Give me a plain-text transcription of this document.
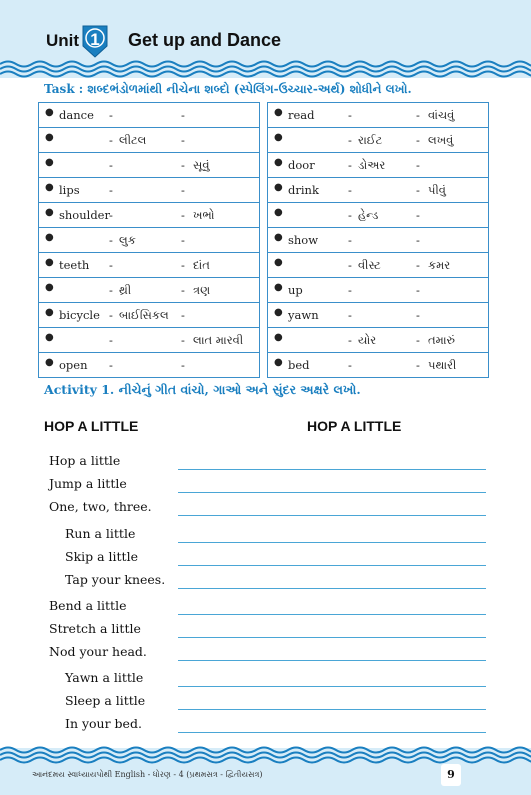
Unit 1	Get up and Dance
Task : શબ્દભંડોળમાંથી નીચેના શબ્દો (સ્પેલિંગ-ઉચ્ચાર-અર્થ) શોધીને લખો.
● dance -	-
●	- લીટલ	-
●	-	- સૂવું
● lips	-	-
● shoulder -	- ખભો
●	- લુક	-
● teeth -	- દાંત
●	- થ્રી	- ત્રણ
● bicycle - બાઈસિકલ -
●	-	- લાત મારવી
● open -	-
● read	-	- વાંચવું
●	- રાઈટ	- લખવું
● door	- ડોઅર	-
● drink	-	- પીવું
●	- હેન્ડ	-
● show	-	-
●	- વીસ્ટ	- કમર
● up	-	-
● yawn	-	-
●	- યોર	- તમારું
● bed	-	- પથારી
Activity 1. નીચેનું ગીત વાંચો, ગાઓ અને સુંદર અક્ષરે લખો.
HOP A LITTLE	HOP A LITTLE
Hop a little
Jump a little
One, two, three.
Run a little
Skip a little
Tap your knees.
Bend a little
Stretch a little
Nod your head.
Yawn a little
Sleep a little
In your bed.
આનંદમય સ્વાધ્યાયપોથી English - ધોરણ - 4 (પ્રથમસત્ર - દ્વિતીયસત્ર)	9
